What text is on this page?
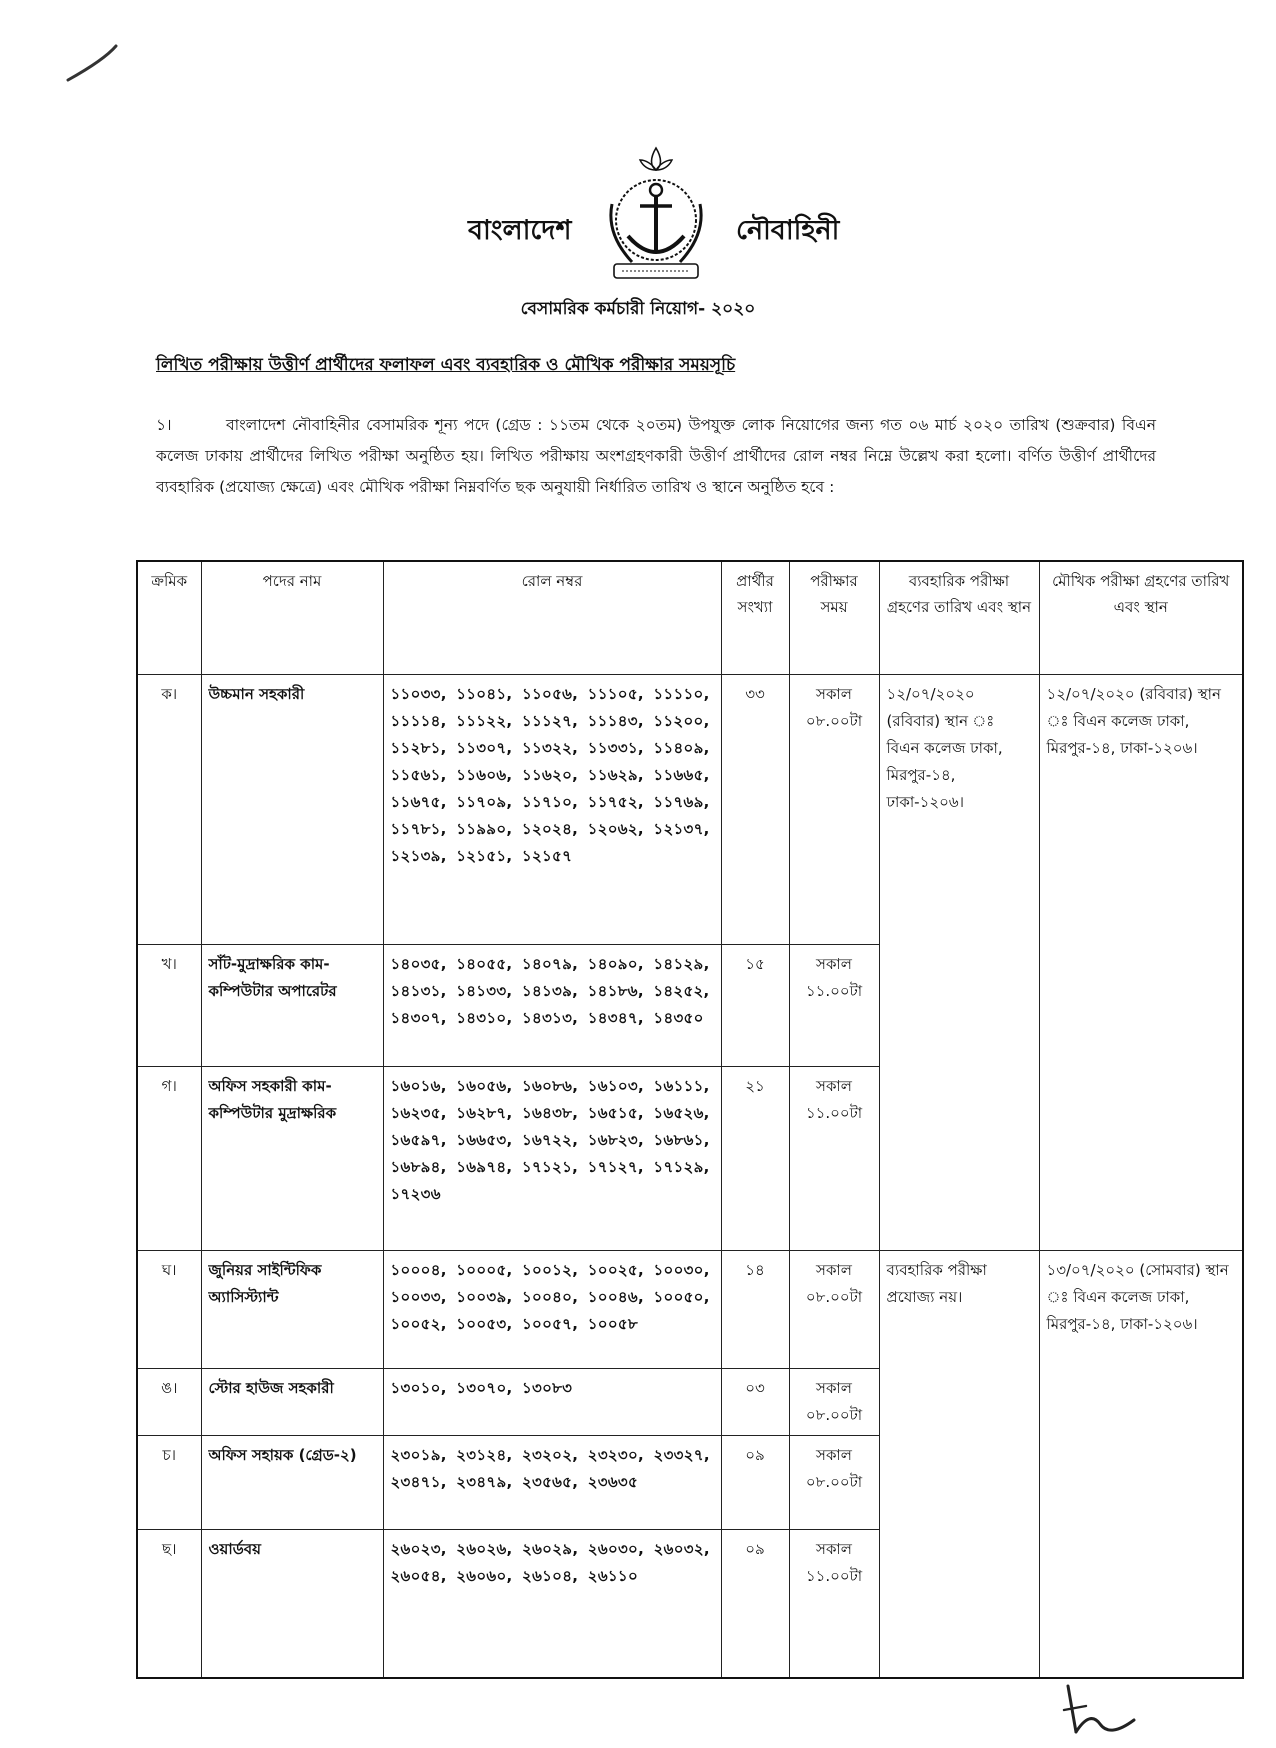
বাংলাদেশ	নৌবাহিনী
বেসামরিক কর্মচারী নিয়োগ- ২০২০
লিখিত পরীক্ষায় উত্তীর্ণ প্রার্থীদের ফলাফল এবং ব্যবহারিক ও মৌখিক পরীক্ষার সময়সূচি
১।	বাংলাদেশ নৌবাহিনীর বেসামরিক শূন্য পদে (গ্রেড : ১১তম থেকে ২০তম) উপযুক্ত লোক নিয়োগের জন্য গত ০৬ মার্চ ২০২০ তারিখ (শুক্রবার) বিএন কলেজ ঢাকায় প্রার্থীদের লিখিত পরীক্ষা অনুষ্ঠিত হয়। লিখিত পরীক্ষায় অংশগ্রহণকারী উত্তীর্ণ প্রার্থীদের রোল নম্বর নিম্নে উল্লেখ করা হলো। বর্ণিত উত্তীর্ণ প্রার্থীদের ব্যবহারিক (প্রযোজ্য ক্ষেত্রে) এবং মৌখিক পরীক্ষা নিম্নবর্ণিত ছক অনুযায়ী নির্ধারিত তারিখ ও স্থানে অনুষ্ঠিত হবে :
ক্রমিক	পদের নাম	রোল নম্বর	প্রার্থীর সংখ্যা	পরীক্ষার সময়	ব্যবহারিক পরীক্ষা গ্রহণের তারিখ এবং স্থান	মৌখিক পরীক্ষা গ্রহণের তারিখ এবং স্থান
ক।	উচ্চমান সহকারী	১১০৩৩, ১১০৪১, ১১০৫৬, ১১১০৫, ১১১১০, ১১১১৪, ১১১২২, ১১১২৭, ১১১৪৩, ১১২০০, ১১২৮১, ১১৩০৭, ১১৩২২, ১১৩৩১, ১১৪০৯, ১১৫৬১, ১১৬০৬, ১১৬২০, ১১৬২৯, ১১৬৬৫, ১১৬৭৫, ১১৭০৯, ১১৭১০, ১১৭৫২, ১১৭৬৯, ১১৭৮১, ১১৯৯০, ১২০২৪, ১২০৬২, ১২১৩৭, ১২১৩৯, ১২১৫১, ১২১৫৭	৩৩	সকাল ০৮.০০টা	১২/০৭/২০২০ (রবিবার) স্থান ঃ বিএন কলেজ ঢাকা, মিরপুর-১৪, ঢাকা-১২০৬।	১২/০৭/২০২০ (রবিবার) স্থান ঃ বিএন কলেজ ঢাকা, মিরপুর-১৪, ঢাকা-১২০৬।
খ।	সাঁট-মুদ্রাক্ষরিক কাম-কম্পিউটার অপারেটর	১৪০৩৫, ১৪০৫৫, ১৪০৭৯, ১৪০৯০, ১৪১২৯, ১৪১৩১, ১৪১৩৩, ১৪১৩৯, ১৪১৮৬, ১৪২৫২, ১৪৩০৭, ১৪৩১০, ১৪৩১৩, ১৪৩৪৭, ১৪৩৫০	১৫	সকাল ১১.০০টা		
গ।	অফিস সহকারী কাম-কম্পিউটার মুদ্রাক্ষরিক	১৬০১৬, ১৬০৫৬, ১৬০৮৬, ১৬১০৩, ১৬১১১, ১৬২৩৫, ১৬২৮৭, ১৬৪৩৮, ১৬৫১৫, ১৬৫২৬, ১৬৫৯৭, ১৬৬৫৩, ১৬৭২২, ১৬৮২৩, ১৬৮৬১, ১৬৮৯৪, ১৬৯৭৪, ১৭১২১, ১৭১২৭, ১৭১২৯, ১৭২৩৬	২১	সকাল ১১.০০টা		
ঘ।	জুনিয়র সাইন্টিফিক অ্যাসিস্ট্যান্ট	১০০০৪, ১০০০৫, ১০০১২, ১০০২৫, ১০০৩০, ১০০৩৩, ১০০৩৯, ১০০৪০, ১০০৪৬, ১০০৫০, ১০০৫২, ১০০৫৩, ১০০৫৭, ১০০৫৮	১৪	সকাল ০৮.০০টা	ব্যবহারিক পরীক্ষা প্রযোজ্য নয়।	১৩/০৭/২০২০ (সোমবার) স্থান ঃ বিএন কলেজ ঢাকা, মিরপুর-১৪, ঢাকা-১২০৬।
ঙ।	স্টোর হাউজ সহকারী	১৩০১০, ১৩০৭০, ১৩০৮৩	০৩	সকাল ০৮.০০টা		
চ।	অফিস সহায়ক (গ্রেড-২)	২৩০১৯, ২৩১২৪, ২৩২০২, ২৩২৩০, ২৩৩২৭, ২৩৪৭১, ২৩৪৭৯, ২৩৫৬৫, ২৩৬৩৫	০৯	সকাল ০৮.০০টা		
ছ।	ওয়ার্ডবয়	২৬০২৩, ২৬০২৬, ২৬০২৯, ২৬০৩০, ২৬০৩২, ২৬০৫৪, ২৬০৬০, ২৬১০৪, ২৬১১০	০৯	সকাল ১১.০০টা		
